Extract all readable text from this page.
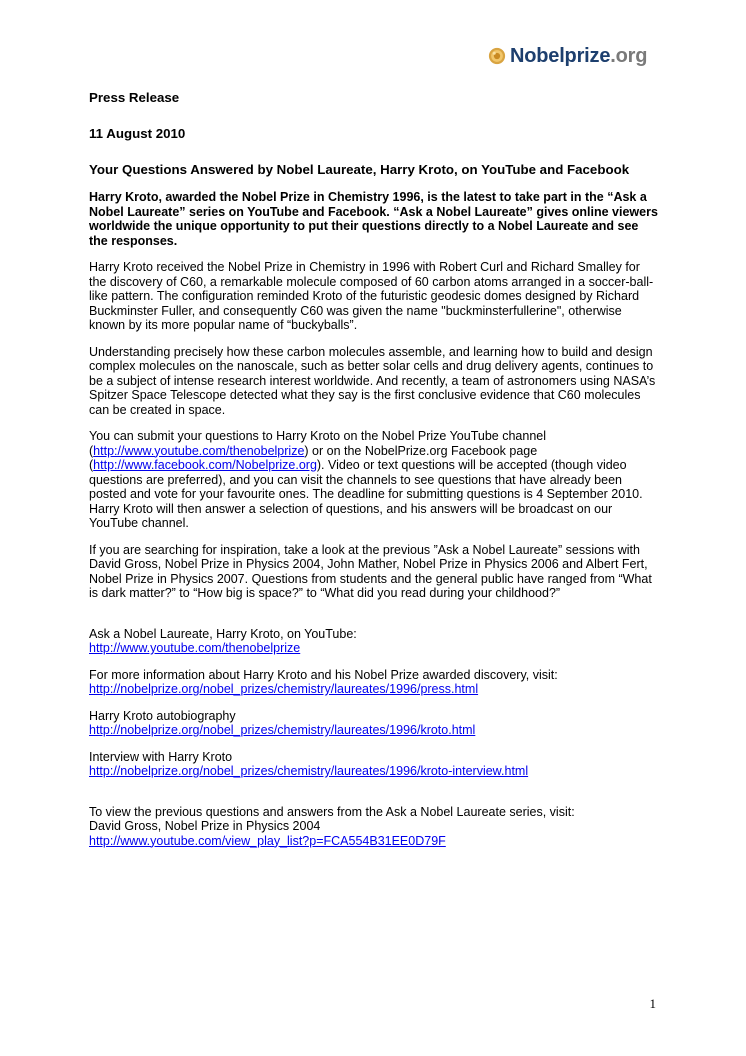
Nobelprize.org
Press Release
11 August 2010
Your Questions Answered by Nobel Laureate, Harry Kroto, on YouTube and Facebook

Harry Kroto, awarded the Nobel Prize in Chemistry 1996, is the latest to take part in the “Ask a Nobel Laureate” series on YouTube and Facebook. “Ask a Nobel Laureate” gives online viewers worldwide the unique opportunity to put their questions directly to a Nobel Laureate and see the responses.

Harry Kroto received the Nobel Prize in Chemistry in 1996 with Robert Curl and Richard Smalley for the discovery of C60, a remarkable molecule composed of 60 carbon atoms arranged in a soccer-ball-like pattern. The configuration reminded Kroto of the futuristic geodesic domes designed by Richard Buckminster Fuller, and consequently C60 was given the name "buckminsterfullerine", otherwise known by its more popular name of “buckyballs”.

Understanding precisely how these carbon molecules assemble, and learning how to build and design complex molecules on the nanoscale, such as better solar cells and drug delivery agents, continues to be a subject of intense research interest worldwide. And recently, a team of astronomers using NASA’s Spitzer Space Telescope detected what they say is the first conclusive evidence that C60 molecules can be created in space.

You can submit your questions to Harry Kroto on the Nobel Prize YouTube channel (http://www.youtube.com/thenobelprize) or on the NobelPrize.org Facebook page (http://www.facebook.com/Nobelprize.org). Video or text questions will be accepted (though video questions are preferred), and you can visit the channels to see questions that have already been posted and vote for your favourite ones. The deadline for submitting questions is 4 September 2010. Harry Kroto will then answer a selection of questions, and his answers will be broadcast on our YouTube channel.

If you are searching for inspiration, take a look at the previous ”Ask a Nobel Laureate” sessions with David Gross, Nobel Prize in Physics 2004, John Mather, Nobel Prize in Physics 2006 and Albert Fert, Nobel Prize in Physics 2007. Questions from students and the general public have ranged from “What is dark matter?” to “How big is space?” to “What did you read during your childhood?”

Ask a Nobel Laureate, Harry Kroto, on YouTube:
http://www.youtube.com/thenobelprize
For more information about Harry Kroto and his Nobel Prize awarded discovery, visit:
http://nobelprize.org/nobel_prizes/chemistry/laureates/1996/press.html
Harry Kroto autobiography
http://nobelprize.org/nobel_prizes/chemistry/laureates/1996/kroto.html
Interview with Harry Kroto
http://nobelprize.org/nobel_prizes/chemistry/laureates/1996/kroto-interview.html
To view the previous questions and answers from the Ask a Nobel Laureate series, visit:
David Gross, Nobel Prize in Physics 2004
http://www.youtube.com/view_play_list?p=FCA554B31EE0D79F
1
